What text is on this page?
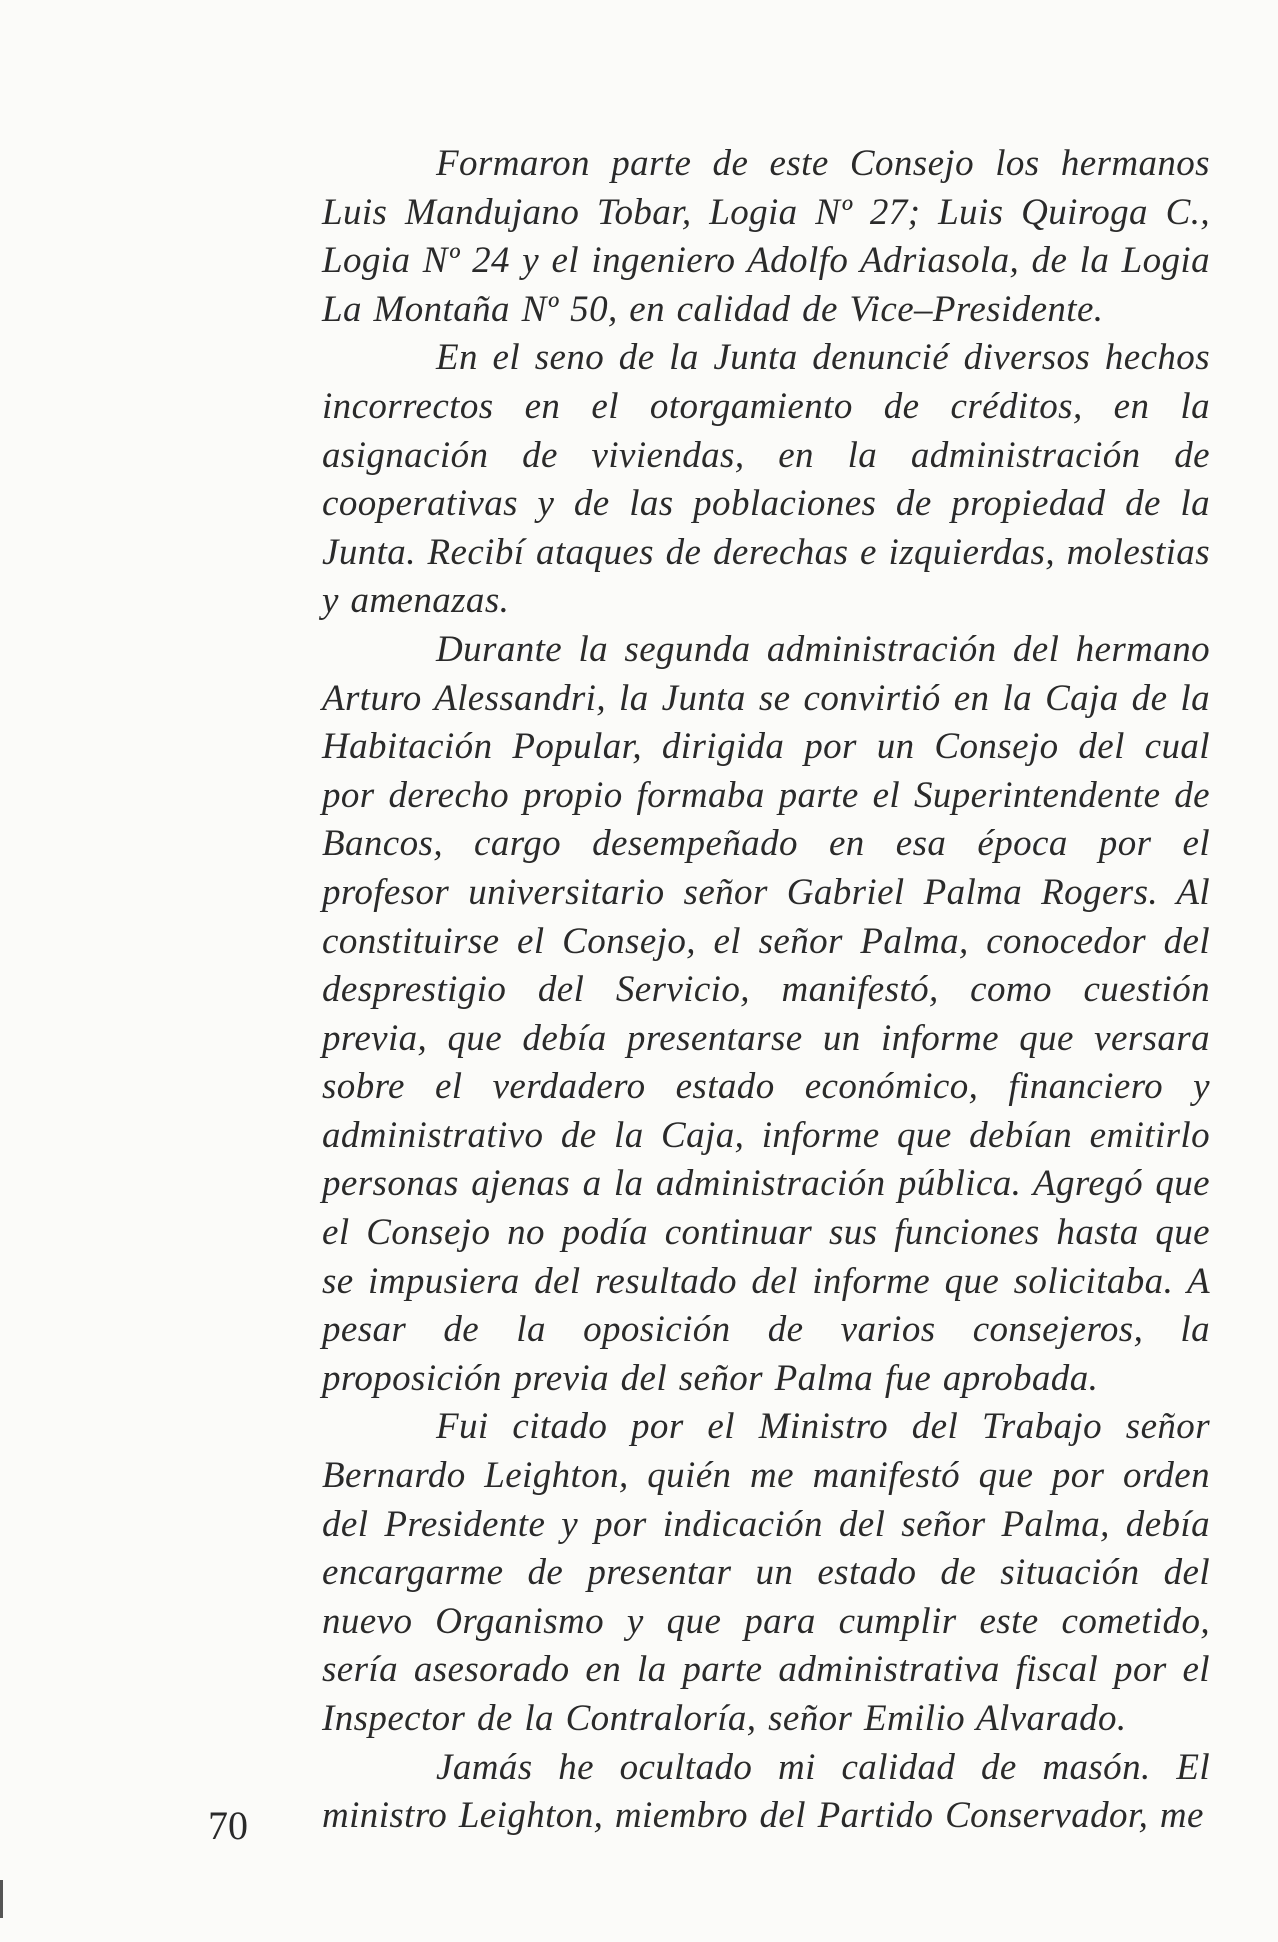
Formaron parte de este Consejo los hermanos Luis Mandujano Tobar, Logia Nº 27; Luis Quiroga C., Logia Nº 24 y el ingeniero Adolfo Adriasola, de la Logia La Montaña Nº 50, en calidad de Vice–Presidente.

En el seno de la Junta denuncié diversos hechos incorrectos en el otorgamiento de créditos, en la asignación de viviendas, en la administración de cooperativas y de las poblaciones de propiedad de la Junta. Recibí ataques de derechas e izquierdas, molestias y amenazas.

Durante la segunda administración del hermano Arturo Alessandri, la Junta se convirtió en la Caja de la Habitación Popular, dirigida por un Consejo del cual por derecho propio formaba parte el Superintendente de Bancos, cargo desempeñado en esa época por el profesor universitario señor Gabriel Palma Rogers. Al constituirse el Consejo, el señor Palma, conocedor del desprestigio del Servicio, manifestó, como cuestión previa, que debía presentarse un informe que versara sobre el verdadero estado económico, financiero y administrativo de la Caja, informe que debían emitirlo personas ajenas a la administración pública. Agregó que el Consejo no podía continuar sus funciones hasta que se impusiera del resultado del informe que solicitaba. A pesar de la oposición de varios consejeros, la proposición previa del señor Palma fue aprobada.

Fui citado por el Ministro del Trabajo señor Bernardo Leighton, quién me manifestó que por orden del Presidente y por indicación del señor Palma, debía encargarme de presentar un estado de situación del nuevo Organismo y que para cumplir este cometido, sería asesorado en la parte administrativa fiscal por el Inspector de la Contraloría, señor Emilio Alvarado.

Jamás he ocultado mi calidad de masón. El ministro Leighton, miembro del Partido Conservador, me

70
